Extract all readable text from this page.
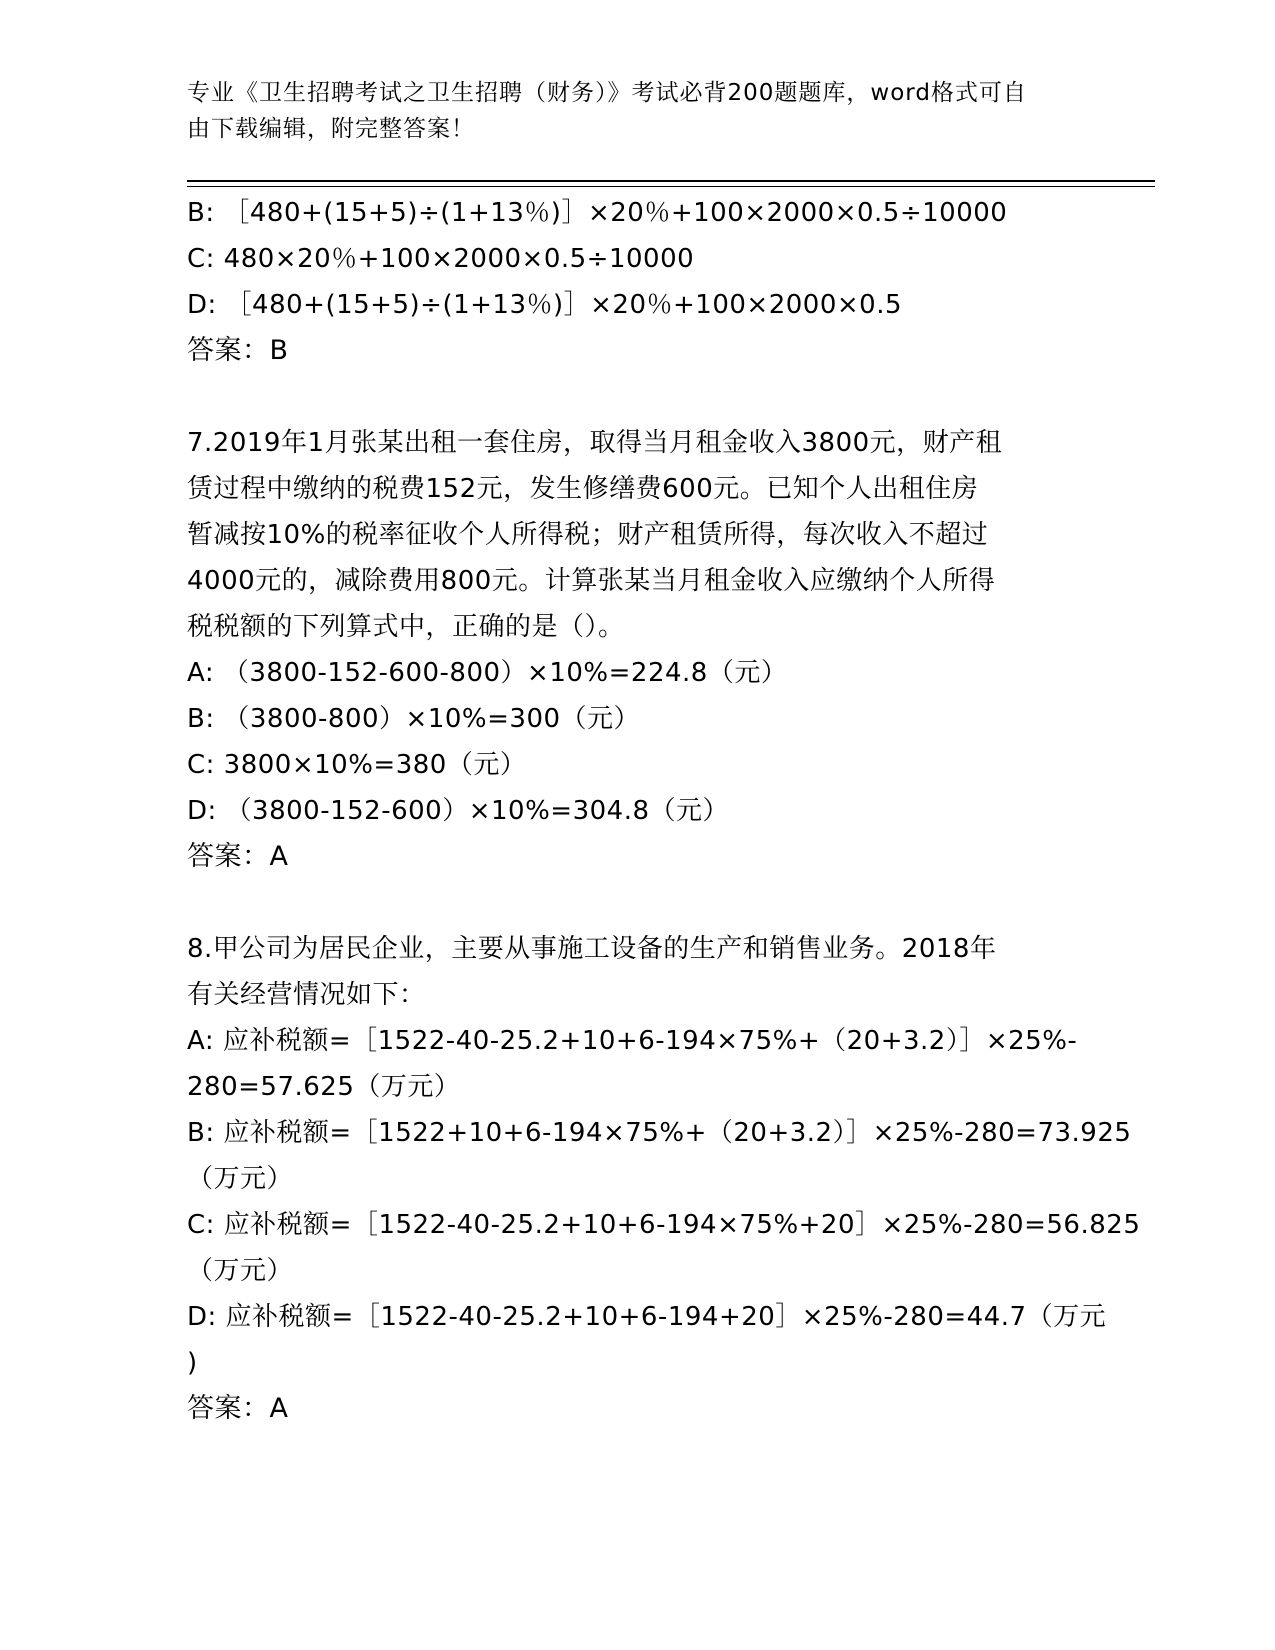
专业《卫生招聘考试之卫生招聘（财务）》考试必背200题题库，word格式可自
由下载编辑，附完整答案！
B: ［480+(15+5)÷(1+13％)］×20％+100×2000×0.5÷10000
C: 480×20％+100×2000×0.5÷10000
D: ［480+(15+5)÷(1+13％)］×20％+100×2000×0.5
答案：B
7.2019年1月张某出租一套住房，取得当月租金收入3800元，财产租
赁过程中缴纳的税费152元，发生修缮费600元。已知个人出租住房
暂减按10%的税率征收个人所得税；财产租赁所得，每次收入不超过
4000元的，减除费用800元。计算张某当月租金收入应缴纳个人所得
税税额的下列算式中，正确的是（）。
A: （3800-152-600-800）×10%=224.8（元）
B: （3800-800）×10%=300（元）
C: 3800×10%=380（元）
D: （3800-152-600）×10%=304.8（元）
答案：A
8.甲公司为居民企业，主要从事施工设备的生产和销售业务。2018年
有关经营情况如下：
A: 应补税额=［1522-40-25.2+10+6-194×75%+（20+3.2）］×25%-
280=57.625（万元）
B: 应补税额=［1522+10+6-194×75%+（20+3.2）］×25%-280=73.925
（万元）
C: 应补税额=［1522-40-25.2+10+6-194×75%+20］×25%-280=56.825
（万元）
D: 应补税额=［1522-40-25.2+10+6-194+20］×25%-280=44.7（万元
)
答案：A
